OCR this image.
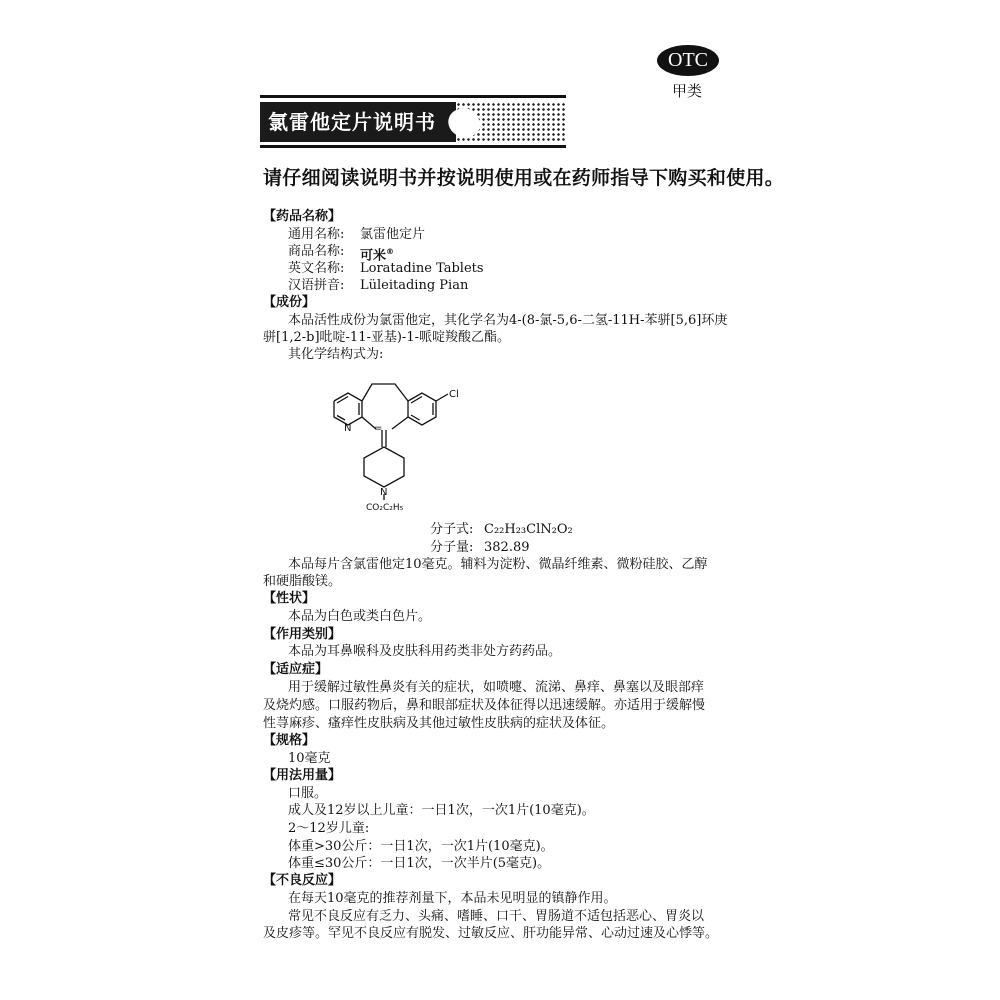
OTC
甲类
氯雷他定片说明书
请仔细阅读说明书并按说明使用或在药师指导下购买和使用。
【药品名称】
通用名称: 氯雷他定片
商品名称: 可米®
英文名称: Loratadine Tablets
汉语拼音: Lüleitading Pian
【成份】
本品活性成份为氯雷他定，其化学名为4-(8-氯-5,6-二氢-11H-苯骈[5,6]环庚
骈[1,2-b]吡啶-11-亚基)-1-哌啶羧酸乙酯。
其化学结构式为:
=
Cl
N
N
CO₂C₂H₅
分子式: C₂₂H₂₃ClN₂O₂
分子量: 382.89
本品每片含氯雷他定10毫克。辅料为淀粉、微晶纤维素、微粉硅胶、乙醇
和硬脂酸镁。
【性状】
本品为白色或类白色片。
【作用类别】
本品为耳鼻喉科及皮肤科用药类非处方药药品。
【适应症】
用于缓解过敏性鼻炎有关的症状，如喷嚏、流涕、鼻痒、鼻塞以及眼部痒
及烧灼感。口服药物后，鼻和眼部症状及体征得以迅速缓解。亦适用于缓解慢
性荨麻疹、瘙痒性皮肤病及其他过敏性皮肤病的症状及体征。
【规格】
10毫克
【用法用量】
口服。
成人及12岁以上儿童：一日1次，一次1片(10毫克)。
2～12岁儿童:
体重>30公斤：一日1次，一次1片(10毫克)。
体重≤30公斤：一日1次，一次半片(5毫克)。
【不良反应】
在每天10毫克的推荐剂量下，本品未见明显的镇静作用。
常见不良反应有乏力、头痛、嗜睡、口干、胃肠道不适包括恶心、胃炎以
及皮疹等。罕见不良反应有脱发、过敏反应、肝功能异常、心动过速及心悸等。
